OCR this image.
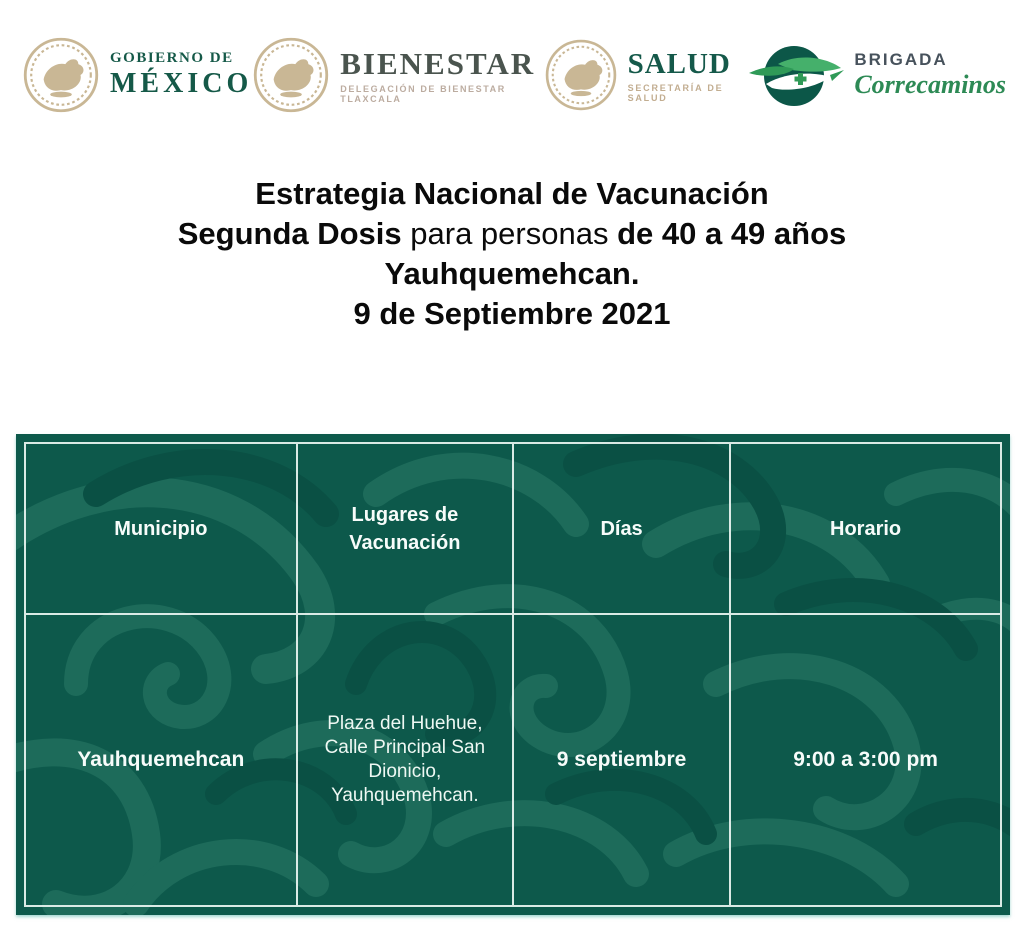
GOBIERNO DE
MÉXICO
BIENESTAR
DELEGACIÓN DE BIENESTAR TLAXCALA
SALUD
SECRETARÍA DE SALUD
BRIGADA
Correcaminos
Estrategia Nacional de Vacunación
Segunda Dosis para personas de 40 a 49 años
Yauhquemehcan.
9 de Septiembre 2021
Municipio
Lugares de Vacunación
Días	Horario
Yauhquemehcan
Plaza del Huehue, Calle Principal San Dionicio, Yauhquemehcan.
9 septiembre	9:00 a 3:00 pm
